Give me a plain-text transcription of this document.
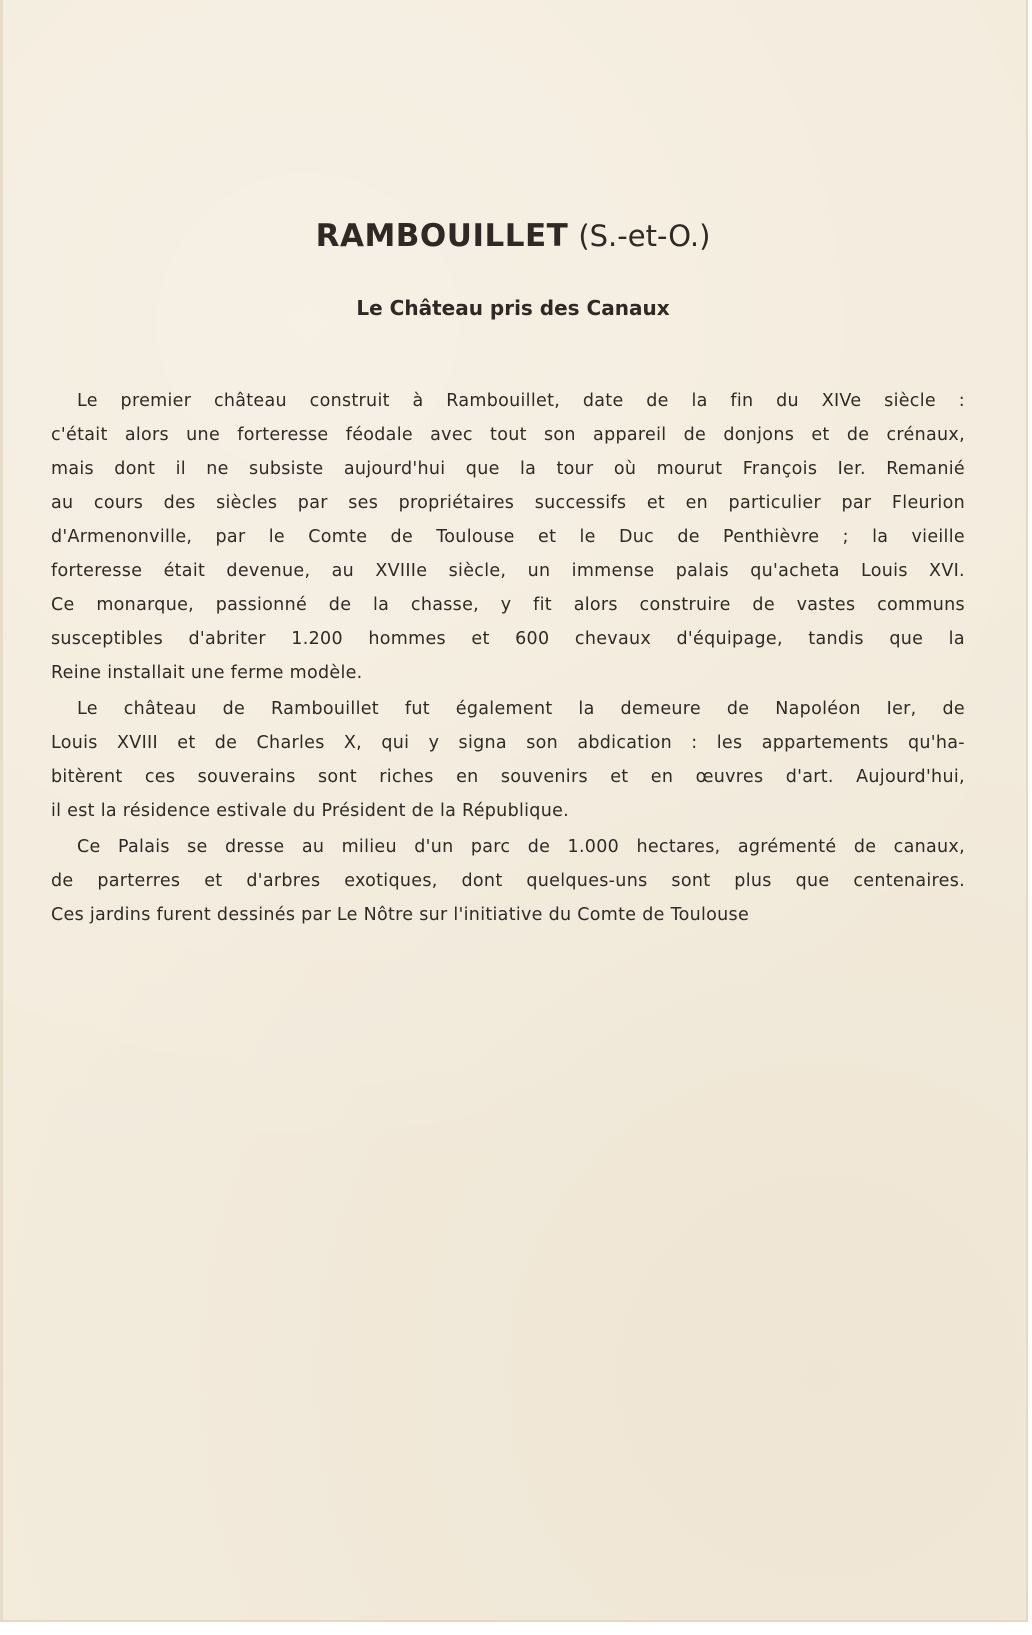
RAMBOUILLET (S.-et-O.)
Le Château pris des Canaux
Le premier château construit à Rambouillet, date de la fin du XIVe siècle :
c'était alors une forteresse féodale avec tout son appareil de donjons et de crénaux,
mais dont il ne subsiste aujourd'hui que la tour où mourut François Ier. Remanié
au cours des siècles par ses propriétaires successifs et en particulier par Fleurion
d'Armenonville, par le Comte de Toulouse et le Duc de Penthièvre ; la vieille
forteresse était devenue, au XVIIIe siècle, un immense palais qu'acheta Louis XVI.
Ce monarque, passionné de la chasse, y fit alors construire de vastes communs
susceptibles d'abriter 1.200 hommes et 600 chevaux d'équipage, tandis que la
Reine installait une ferme modèle.
Le château de Rambouillet fut également la demeure de Napoléon Ier, de
Louis XVIII et de Charles X, qui y signa son abdication : les appartements qu'ha-
bitèrent ces souverains sont riches en souvenirs et en œuvres d'art. Aujourd'hui,
il est la résidence estivale du Président de la République.
Ce Palais se dresse au milieu d'un parc de 1.000 hectares, agrémenté de canaux,
de parterres et d'arbres exotiques, dont quelques-uns sont plus que centenaires.
Ces jardins furent dessinés par Le Nôtre sur l'initiative du Comte de Toulouse
